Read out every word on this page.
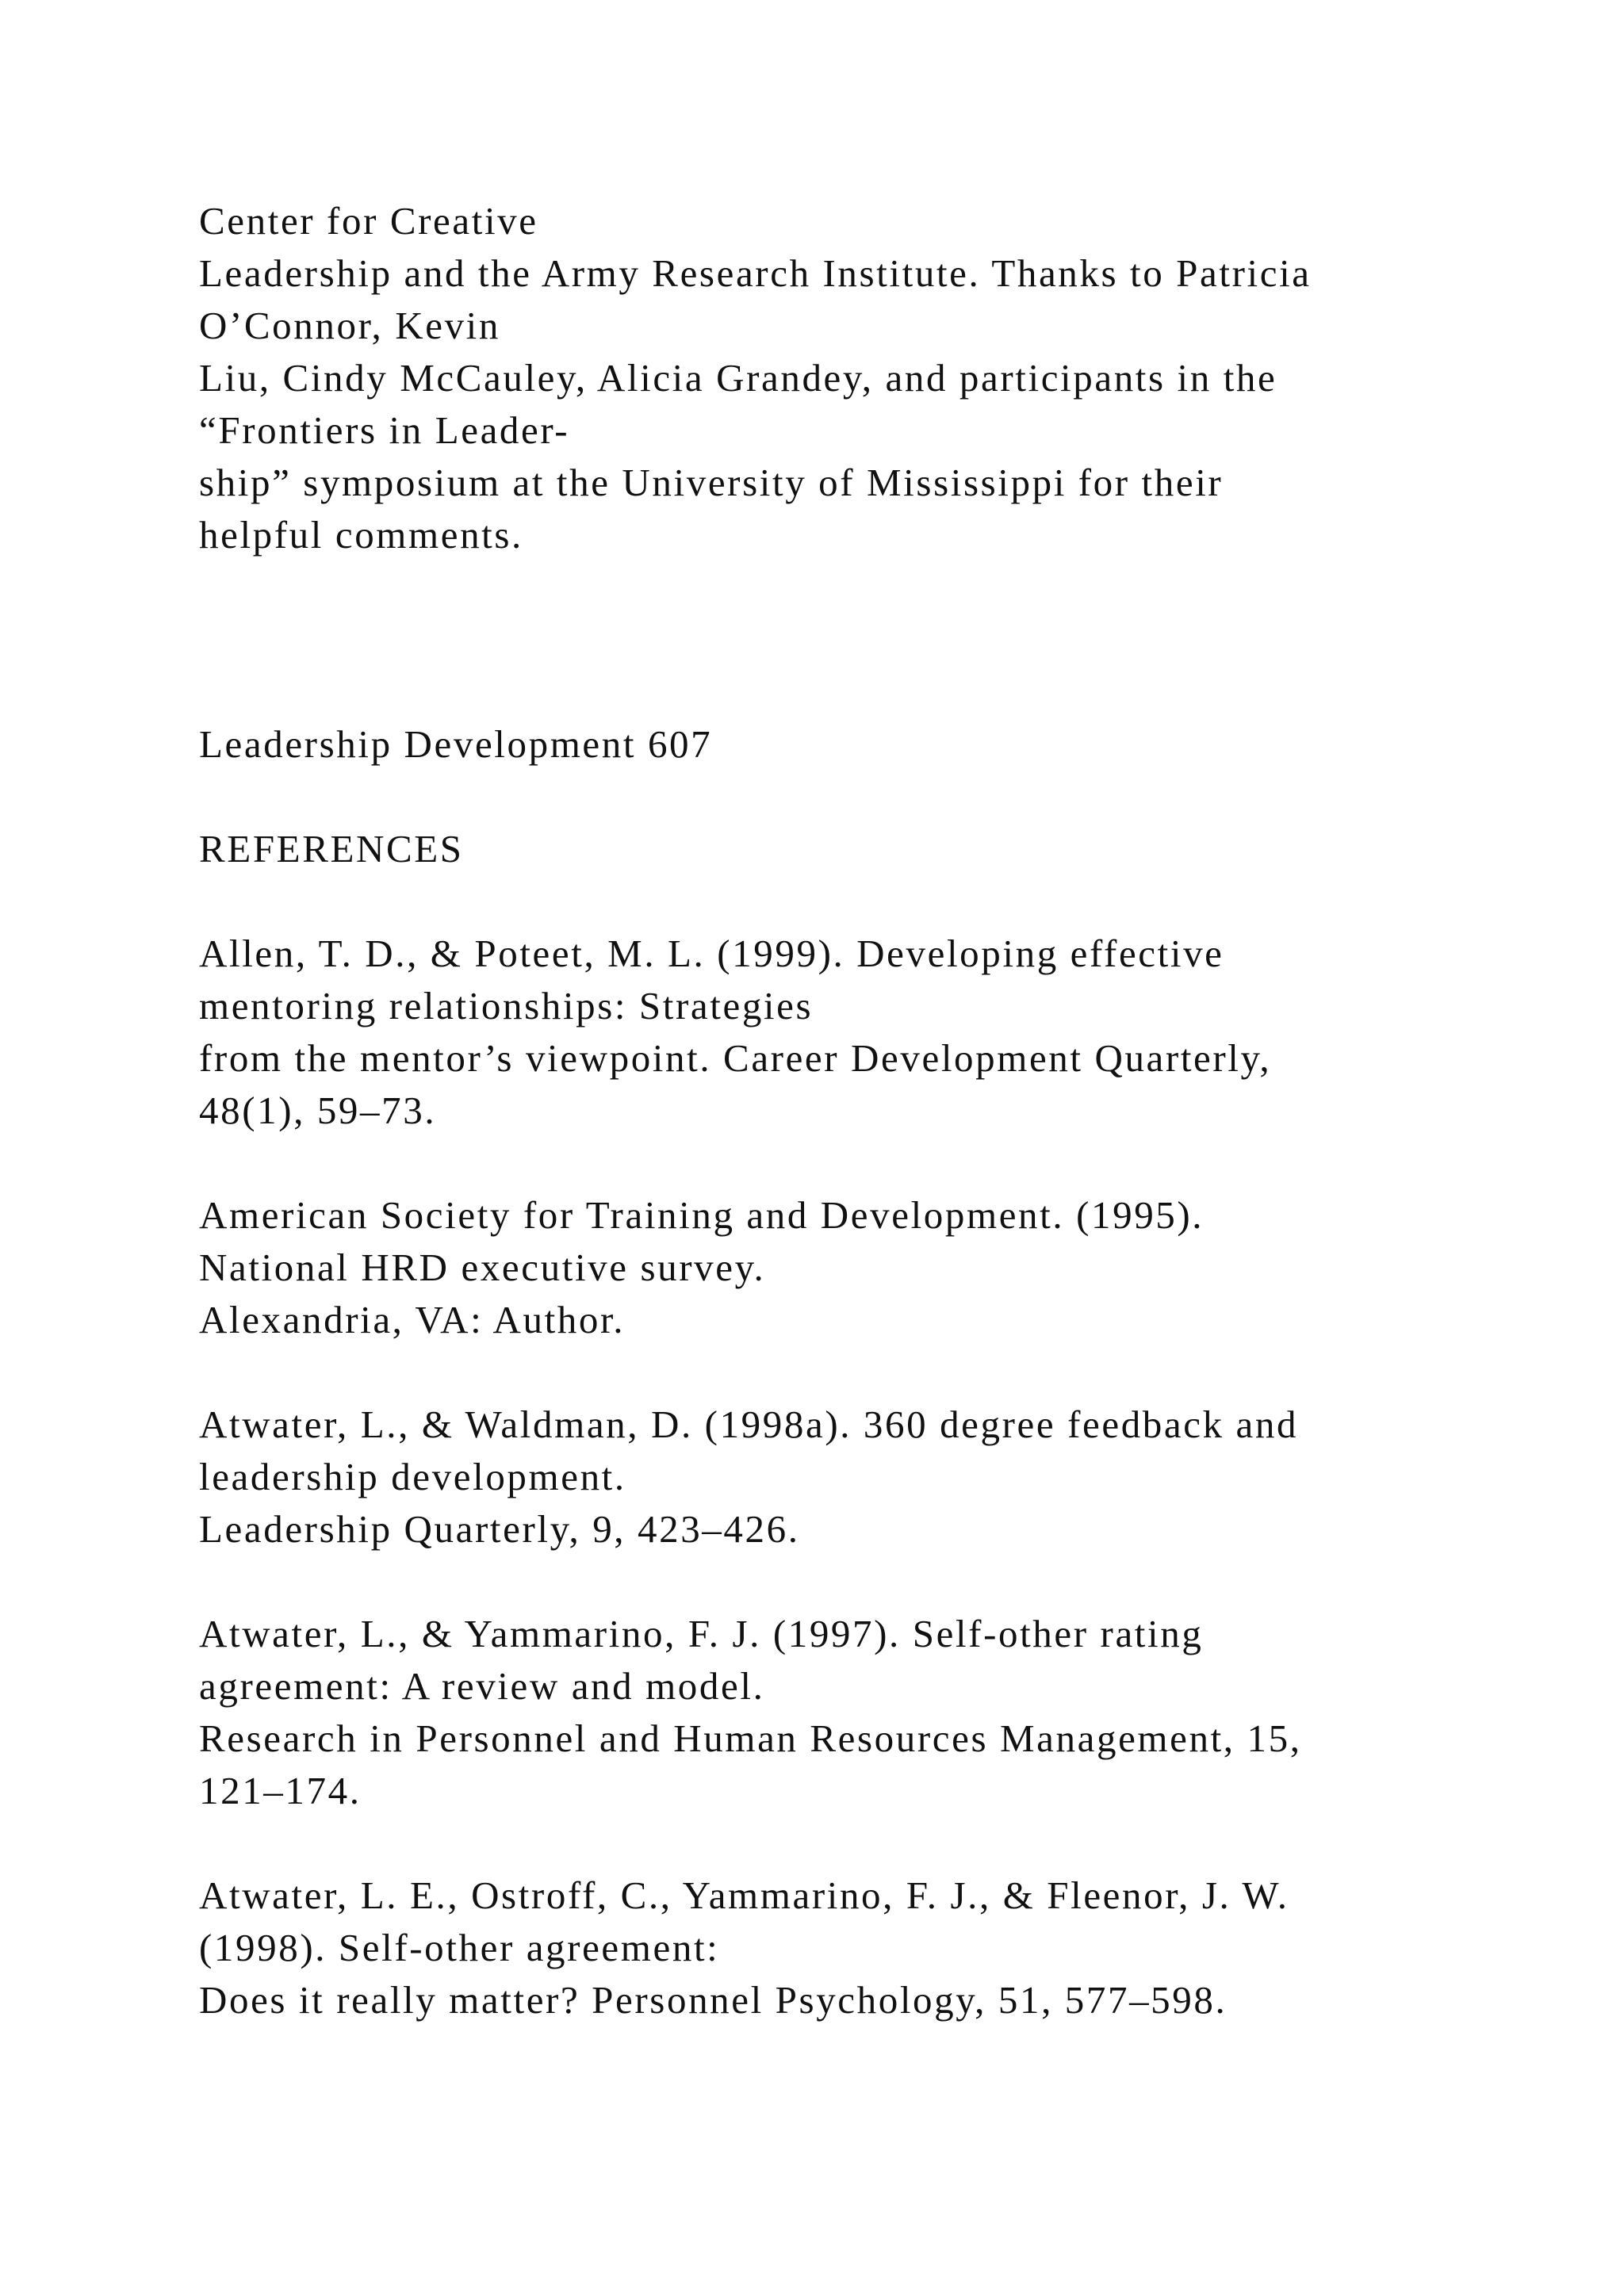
Center for Creative
Leadership and the Army Research Institute. Thanks to Patricia
O’Connor, Kevin
Liu, Cindy McCauley, Alicia Grandey, and participants in the
“Frontiers in Leader-
ship” symposium at the University of Mississippi for their
helpful comments.
Leadership Development 607
REFERENCES
Allen, T. D., & Poteet, M. L. (1999). Developing effective
mentoring relationships: Strategies
from the mentor’s viewpoint. Career Development Quarterly,
48(1), 59–73.
American Society for Training and Development. (1995).
National HRD executive survey.
Alexandria, VA: Author.
Atwater, L., & Waldman, D. (1998a). 360 degree feedback and
leadership development.
Leadership Quarterly, 9, 423–426.
Atwater, L., & Yammarino, F. J. (1997). Self-other rating
agreement: A review and model.
Research in Personnel and Human Resources Management, 15,
121–174.
Atwater, L. E., Ostroff, C., Yammarino, F. J., & Fleenor, J. W.
(1998). Self-other agreement:
Does it really matter? Personnel Psychology, 51, 577–598.
